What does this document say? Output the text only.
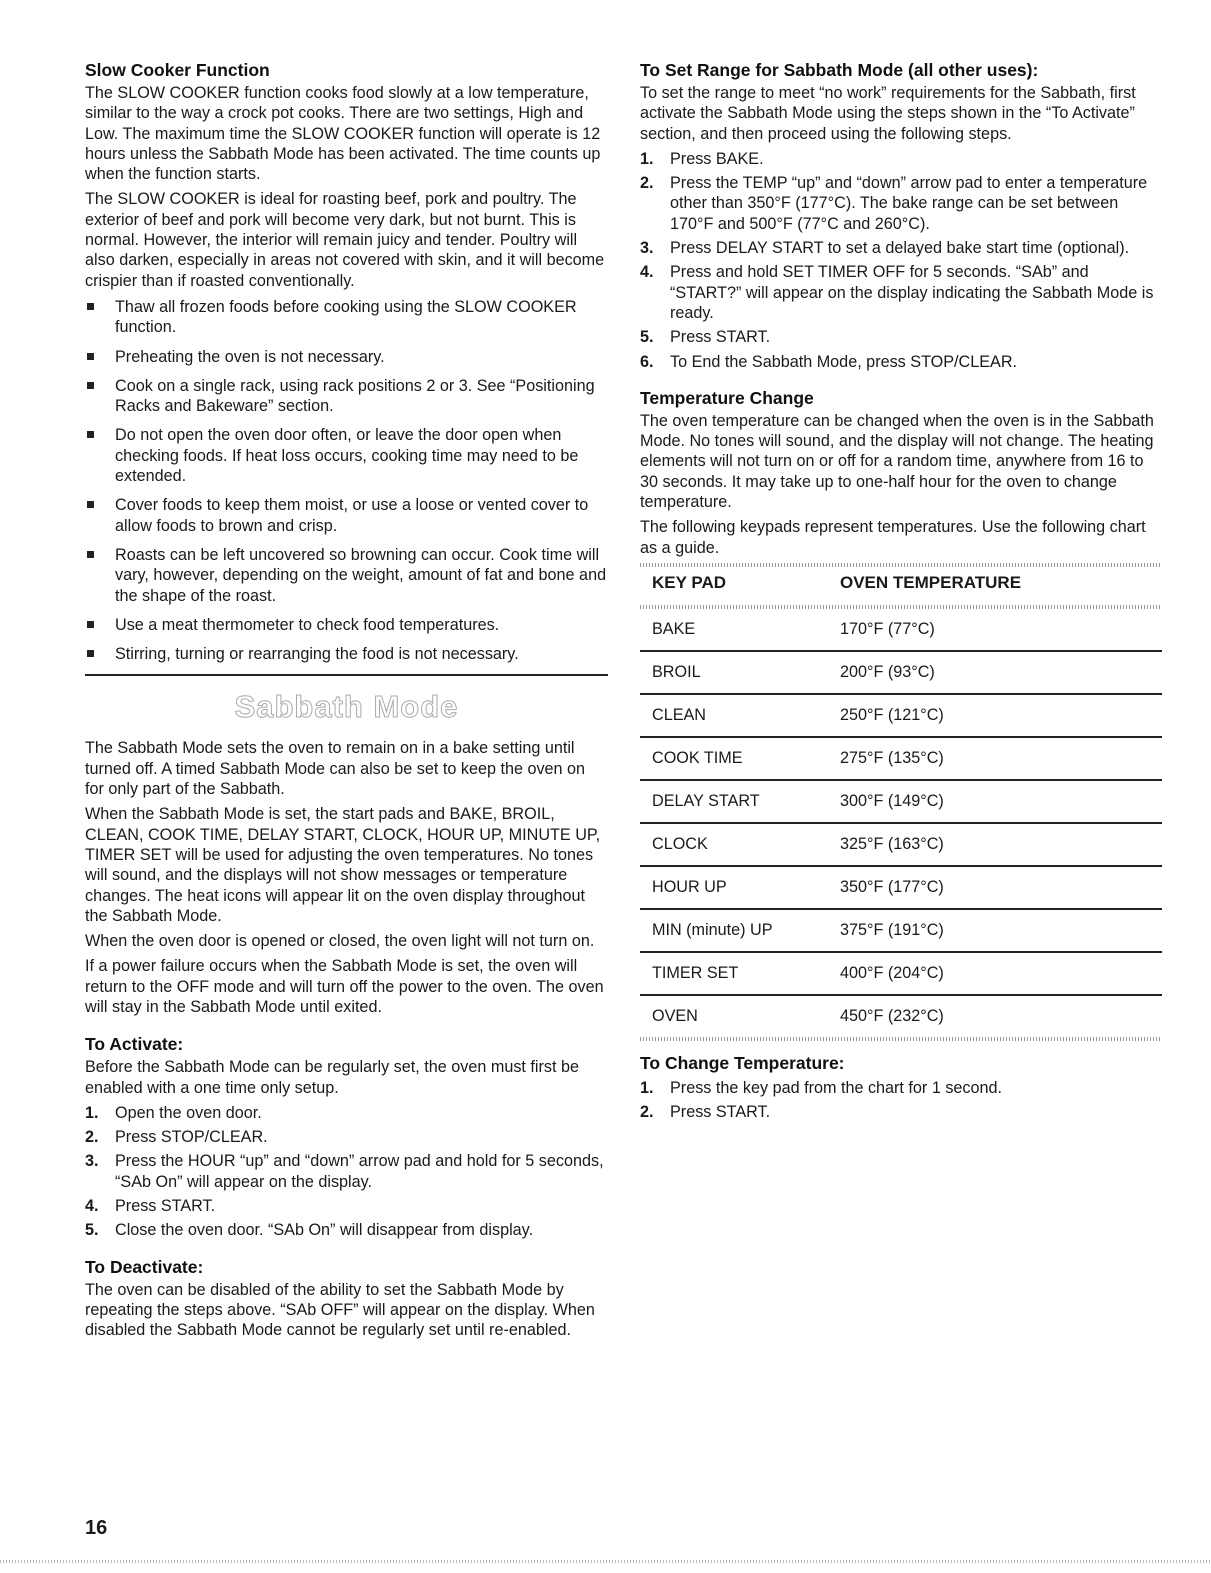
Slow Cooker Function

The SLOW COOKER function cooks food slowly at a low temperature, similar to the way a crock pot cooks. There are two settings, High and Low. The maximum time the SLOW COOKER function will operate is 12 hours unless the Sabbath Mode has been activated. The time counts up when the function starts.

The SLOW COOKER is ideal for roasting beef, pork and poultry. The exterior of beef and pork will become very dark, but not burnt. This is normal. However, the interior will remain juicy and tender. Poultry will also darken, especially in areas not covered with skin, and it will become crispier than if roasted conventionally.

Thaw all frozen foods before cooking using the SLOW COOKER function.
Preheating the oven is not necessary.
Cook on a single rack, using rack positions 2 or 3. See “Positioning Racks and Bakeware” section.
Do not open the oven door often, or leave the door open when checking foods. If heat loss occurs, cooking time may need to be extended.
Cover foods to keep them moist, or use a loose or vented cover to allow foods to brown and crisp.
Roasts can be left uncovered so browning can occur. Cook time will vary, however, depending on the weight, amount of fat and bone and the shape of the roast.
Use a meat thermometer to check food temperatures.
Stirring, turning or rearranging the food is not necessary.
Sabbath Mode

The Sabbath Mode sets the oven to remain on in a bake setting until turned off. A timed Sabbath Mode can also be set to keep the oven on for only part of the Sabbath.

When the Sabbath Mode is set, the start pads and BAKE, BROIL, CLEAN, COOK TIME, DELAY START, CLOCK, HOUR UP, MINUTE UP, TIMER SET will be used for adjusting the oven temperatures. No tones will sound, and the displays will not show messages or temperature changes. The heat icons will appear lit on the oven display throughout the Sabbath Mode.

When the oven door is opened or closed, the oven light will not turn on.

If a power failure occurs when the Sabbath Mode is set, the oven will return to the OFF mode and will turn off the power to the oven. The oven will stay in the Sabbath Mode until exited.

To Activate:

Before the Sabbath Mode can be regularly set, the oven must first be enabled with a one time only setup.

1. Open the oven door.
2. Press STOP/CLEAR.
3. Press the HOUR “up” and “down” arrow pad and hold for 5 seconds, “SAb On” will appear on the display.
4. Press START.
5. Close the oven door. “SAb On” will disappear from display.
To Deactivate:

The oven can be disabled of the ability to set the Sabbath Mode by repeating the steps above. “SAb OFF” will appear on the display. When disabled the Sabbath Mode cannot be regularly set until re-enabled.

To Set Range for Sabbath Mode (all other uses):

To set the range to meet “no work” requirements for the Sabbath, first activate the Sabbath Mode using the steps shown in the “To Activate” section, and then proceed using the following steps.

1. Press BAKE.
2. Press the TEMP “up” and “down” arrow pad to enter a temperature other than 350°F (177°C). The bake range can be set between 170°F and 500°F (77°C and 260°C).
3. Press DELAY START to set a delayed bake start time (optional).
4. Press and hold SET TIMER OFF for 5 seconds. “SAb” and “START?” will appear on the display indicating the Sabbath Mode is ready.
5. Press START.
6. To End the Sabbath Mode, press STOP/CLEAR.
Temperature Change

The oven temperature can be changed when the oven is in the Sabbath Mode. No tones will sound, and the display will not change. The heating elements will not turn on or off for a random time, anywhere from 16 to 30 seconds. It may take up to one-half hour for the oven to change temperature.

The following keypads represent temperatures. Use the following chart as a guide.

KEY PAD	OVEN TEMPERATURE

BAKE	170°F (77°C)
BROIL	200°F (93°C)
CLEAN	250°F (121°C)
COOK TIME	275°F (135°C)
DELAY START	300°F (149°C)
CLOCK	325°F (163°C)
HOUR UP	350°F (177°C)
MIN (minute) UP	375°F (191°C)
TIMER SET	400°F (204°C)
OVEN	450°F (232°C)
To Change Temperature:
1. Press the key pad from the chart for 1 second.
2. Press START.
16
